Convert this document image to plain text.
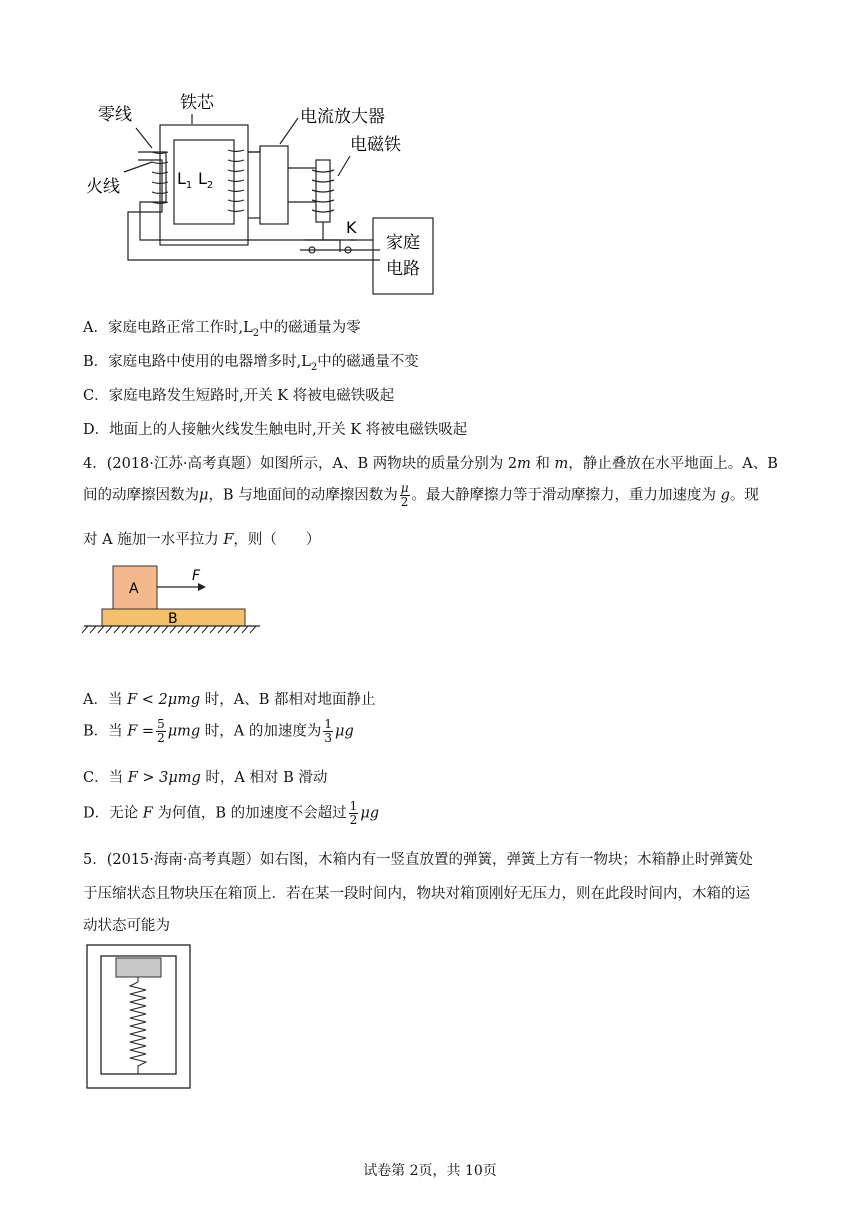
零线
火线
铁芯
电流放大器
电磁铁
$L_1$ $L_2$
K
家庭
电路
A．家庭电路正常工作时$,L_2$中的磁通量为零
B．家庭电路中使用的电器增多时$,L_2$中的磁通量不变
C．家庭电路发生短路时,开关 K 将被电磁铁吸起
D．地面上的人接触火线发生触电时,开关 K 将被电磁铁吸起
4．(2018·江苏·高考真题）如图所示，A、B 两物块的质量分别为 2m 和 m，静止叠放在水平地面上。A、B
间的动摩擦因数为μ，B 与地面间的动摩擦因数为 $\frac{\mu}{2}$ 。最大静摩擦力等于滑动摩擦力，重力加速度为 g。现
对 A 施加一水平拉力 F，则（　　）
A
B
F
A．当 F < 2μmg 时，A、B 都相对地面静止
B．当 $F = \frac{5}{2}$ μmg 时，A 的加速度为 $\frac{1}{3}$ μg
C．当 F > 3μmg 时，A 相对 B 滑动
D．无论 F 为何值，B 的加速度不会超过 $\frac{1}{2}$ μg
5．(2015·海南·高考真题）如右图，木箱内有一竖直放置的弹簧，弹簧上方有一物块；木箱静止时弹簧处
于压缩状态且物块压在箱顶上．若在某一段时间内，物块对箱顶刚好无压力，则在此段时间内，木箱的运
动状态可能为
试卷第 2页，共 10页
